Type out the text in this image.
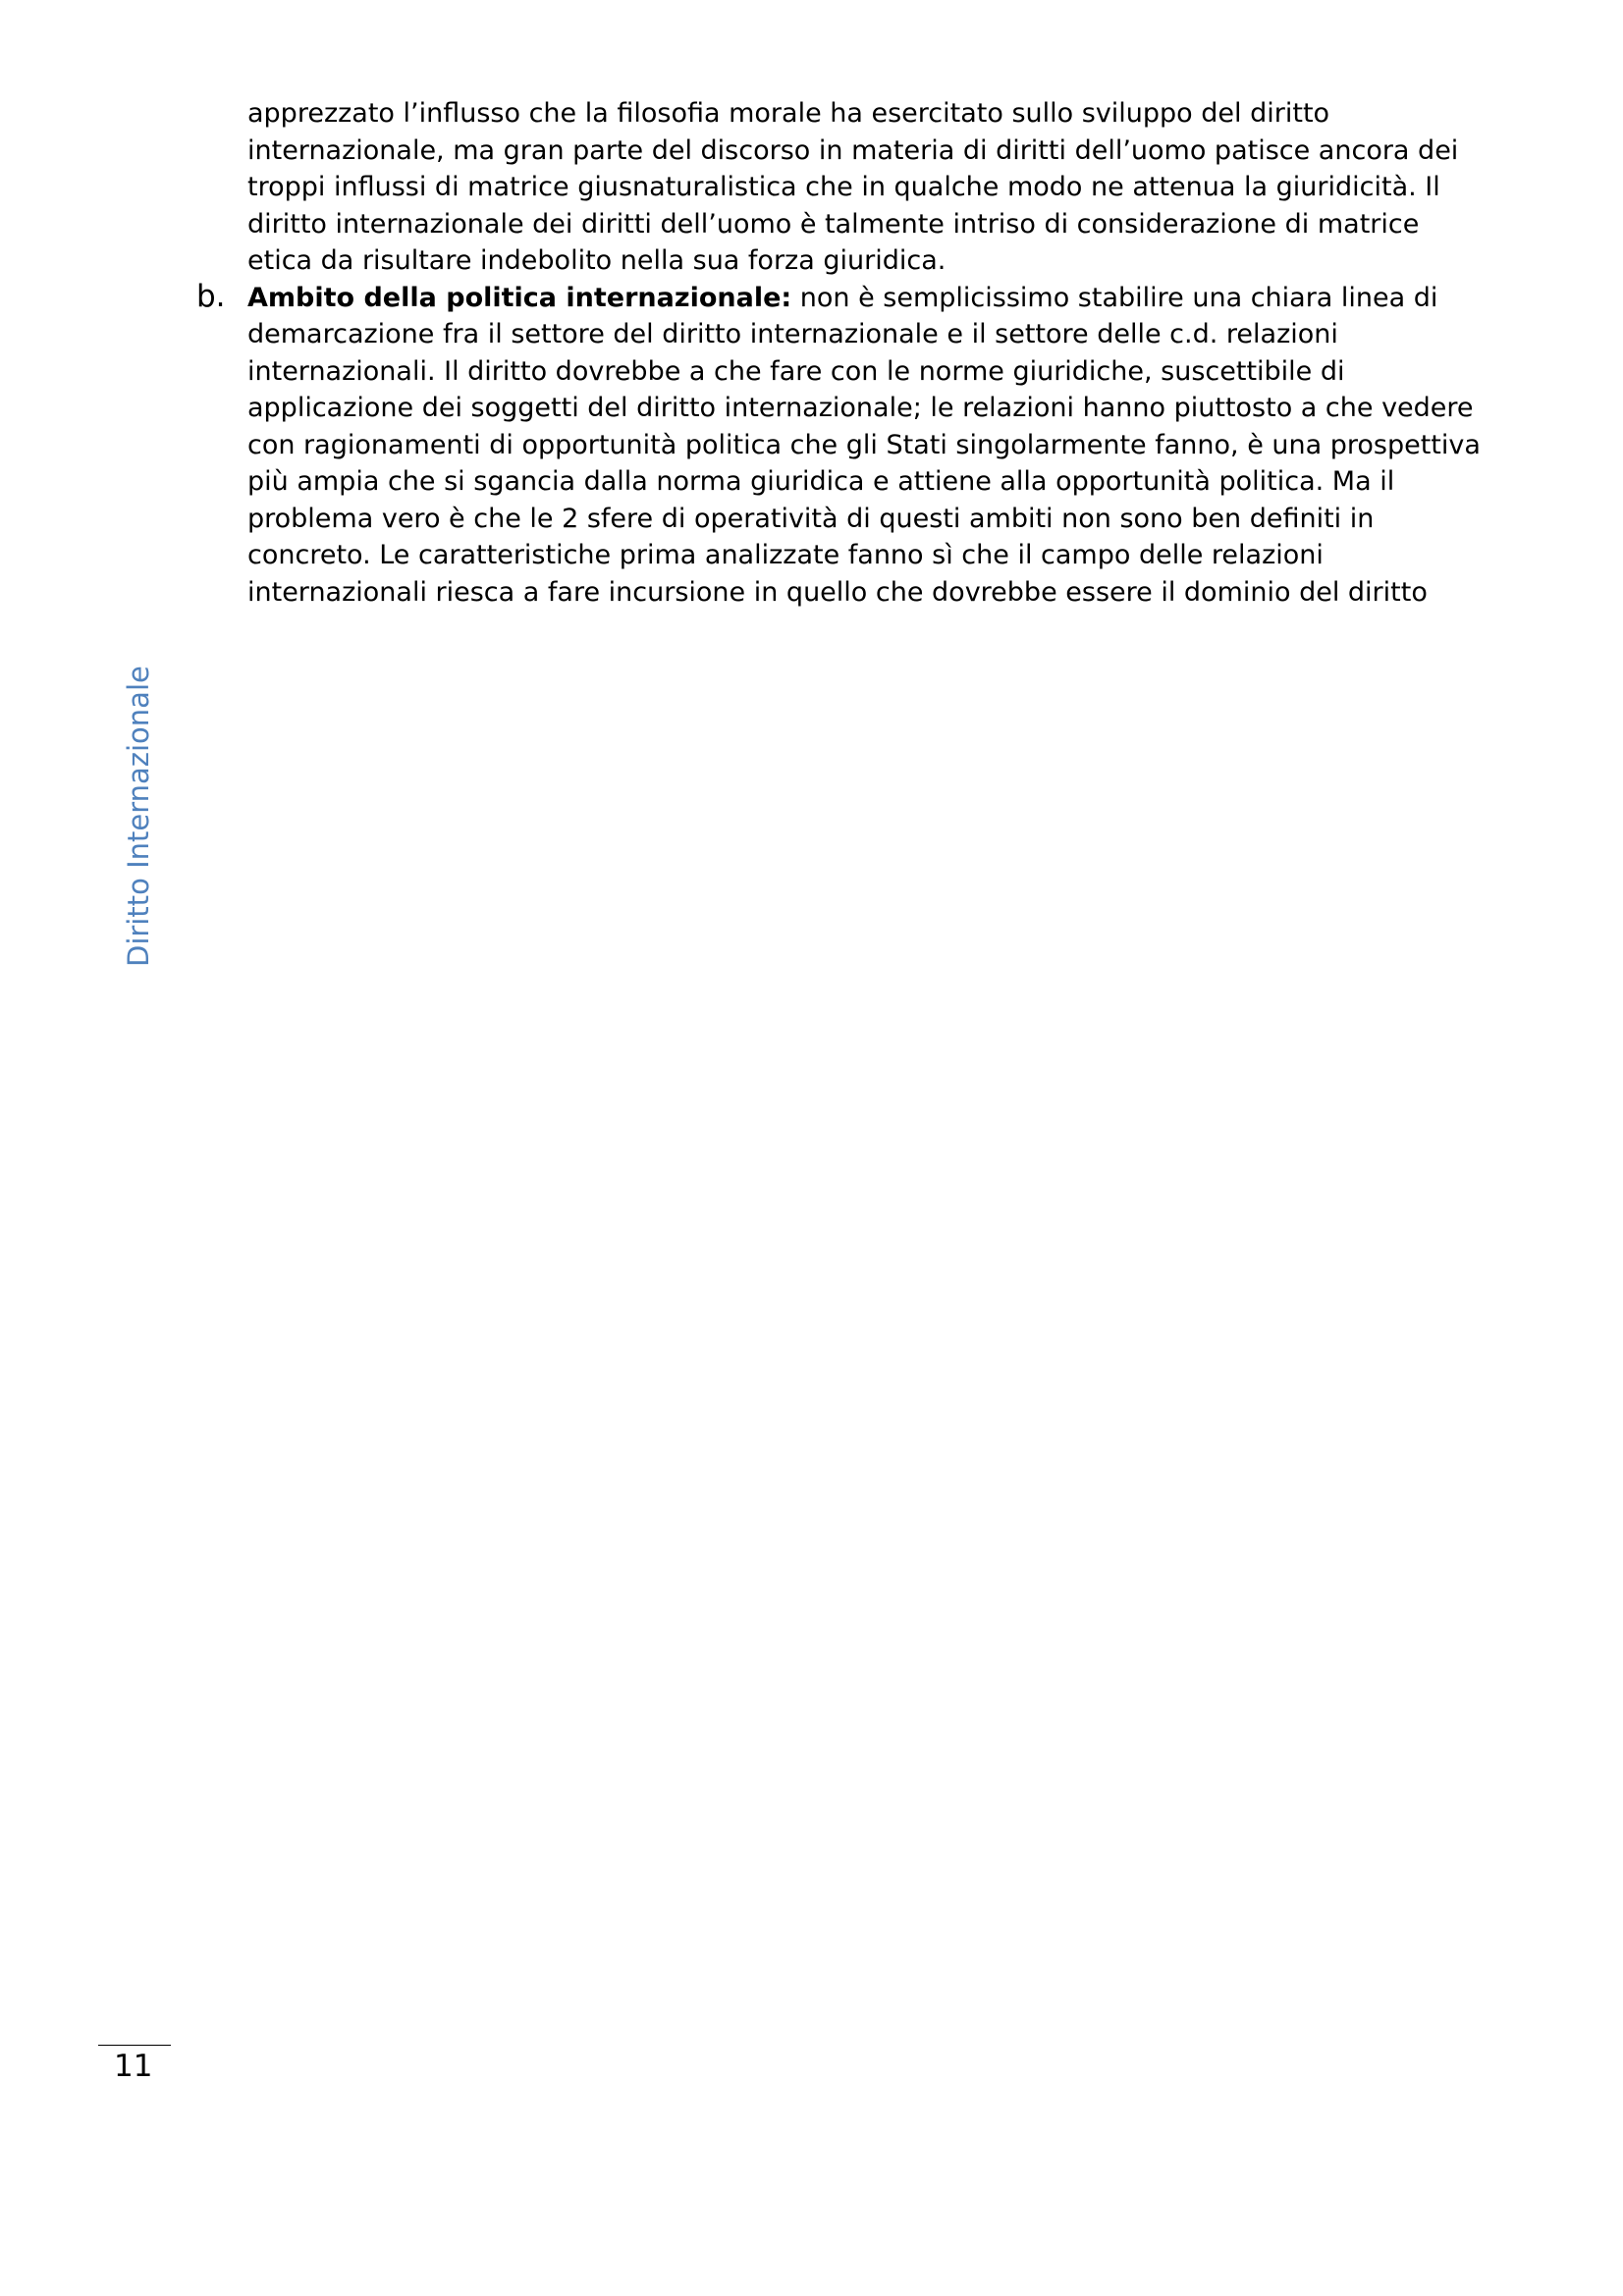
Diritto Internazionale
apprezzato l’influsso che la filosofia morale ha esercitato sullo sviluppo del diritto
internazionale, ma gran parte del discorso in materia di diritti dell’uomo patisce ancora dei
troppi influssi di matrice giusnaturalistica che in qualche modo ne attenua la giuridicità. Il
diritto internazionale dei diritti dell’uomo è talmente intriso di considerazione di matrice
etica da risultare indebolito nella sua forza giuridica.
Ambito della politica internazionale: non è semplicissimo stabilire una chiara linea di
demarcazione fra il settore del diritto internazionale e il settore delle c.d. relazioni
internazionali. Il diritto dovrebbe a che fare con le norme giuridiche, suscettibile di
applicazione dei soggetti del diritto internazionale; le relazioni hanno piuttosto a che vedere
con ragionamenti di opportunità politica che gli Stati singolarmente fanno, è una prospettiva
più ampia che si sgancia dalla norma giuridica e attiene alla opportunità politica. Ma il
problema vero è che le 2 sfere di operatività di questi ambiti non sono ben definiti in
concreto. Le caratteristiche prima analizzate fanno sì che il campo delle relazioni
internazionali riesca a fare incursione in quello che dovrebbe essere il dominio del diritto
b.
11
